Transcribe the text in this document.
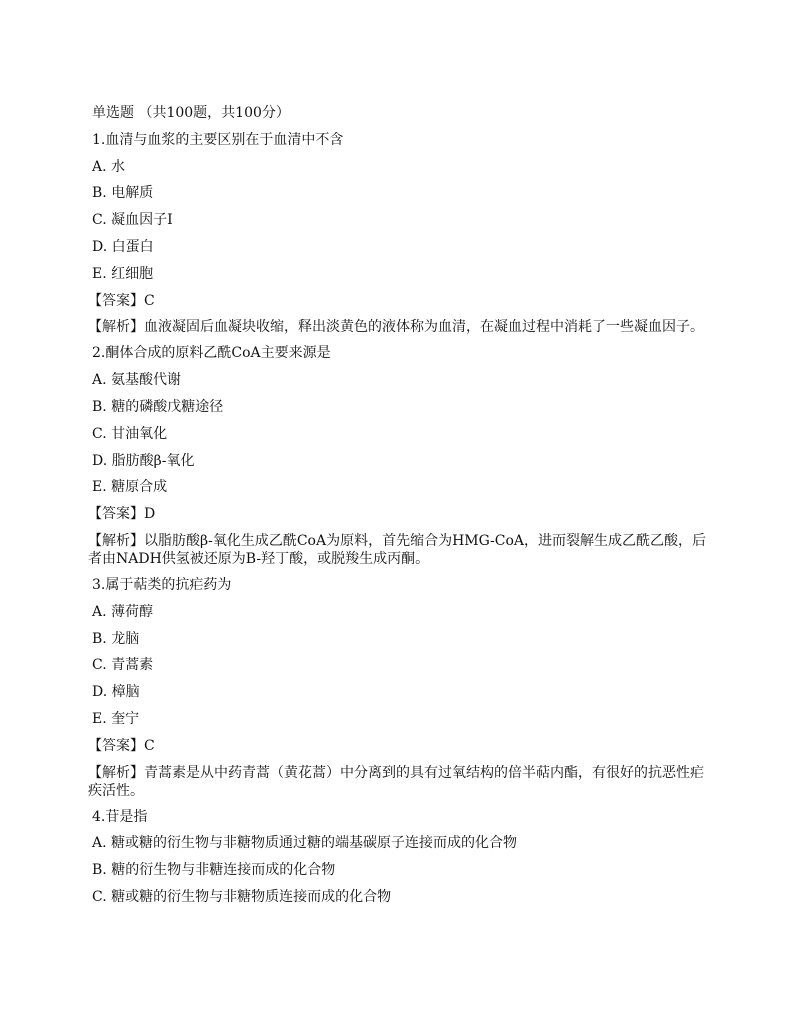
单选题 （共100题，共100分）
1.血清与血浆的主要区别在于血清中不含
A. 水
B. 电解质
C. 凝血因子Ⅰ
D. 白蛋白
E. 红细胞
【答案】C
【解析】血液凝固后血凝块收缩，释出淡黄色的液体称为血清，在凝血过程中消耗了一些凝血因子。
2.酮体合成的原料乙酰CoA主要来源是
A. 氨基酸代谢
B. 糖的磷酸戊糖途径
C. 甘油氧化
D. 脂肪酸β-氧化
E. 糖原合成
【答案】D
【解析】以脂肪酸β-氧化生成乙酰CoA为原料，首先缩合为HMG-CoA，进而裂解生成乙酰乙酸，后者由NADH供氢被还原为B-羟丁酸，或脱羧生成丙酮。
3.属于萜类的抗疟药为
A. 薄荷醇
B. 龙脑
C. 青蒿素
D. 樟脑
E. 奎宁
【答案】C
【解析】青蒿素是从中药青蒿（黄花蒿）中分离到的具有过氧结构的倍半萜内酯，有很好的抗恶性疟疾活性。
4.苷是指
A. 糖或糖的衍生物与非糖物质通过糖的端基碳原子连接而成的化合物
B. 糖的衍生物与非糖连接而成的化合物
C. 糖或糖的衍生物与非糖物质连接而成的化合物
